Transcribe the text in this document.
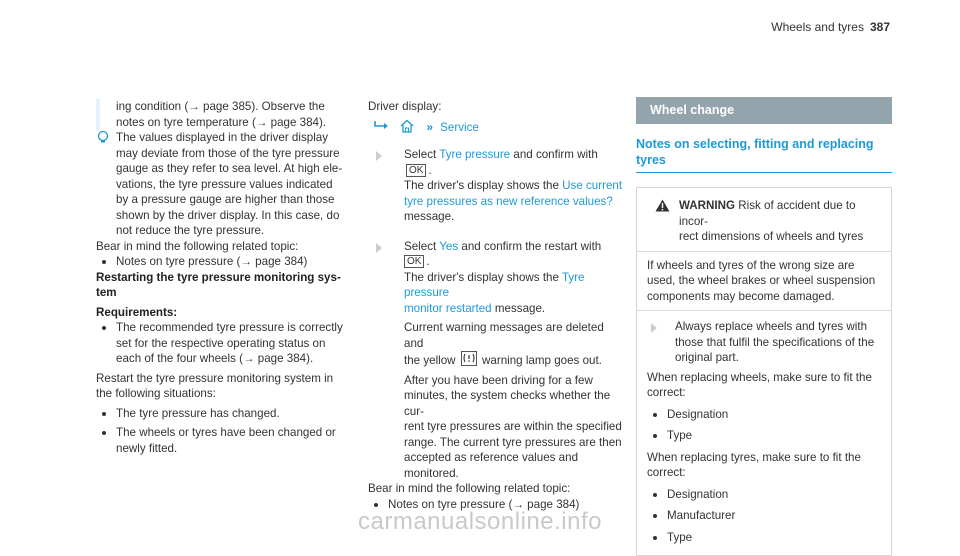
Wheels and tyres 387

ing condition (→ page 385). Observe the

notes on tyre temperature (→ page 384).

The values displayed in the driver display

may deviate from those of the tyre pressure

gauge as they refer to sea level. At high ele-

vations, the tyre pressure values indicated

by a pressure gauge are higher than those

shown by the driver display. In this case, do

not reduce the tyre pressure.

Bear in mind the following related topic:

Notes on tyre pressure (→ page 384)

Restarting the tyre pressure monitoring sys-

tem

Requirements:

The recommended tyre pressure is correctly
set for the respective operating status on
each of the four wheels (→ page 384).

Restart the tyre pressure monitoring system in

the following situations:

The tyre pressure has changed.
The wheels or tyres have been changed or
newly fitted.

Driver display:

» Service

Select Tyre pressure and confirm with OK .

The driver's display shows the Use current

tyre pressures as new reference values?

message.

Select Yes and confirm the restart with

OK .

The driver's display shows the Tyre pressure

monitor restarted message.

Current warning messages are deleted and

the yellow warning lamp goes out.

After you have been driving for a few

minutes, the system checks whether the cur-

rent tyre pressures are within the specified

range. The current tyre pressures are then

accepted as reference values and monitored.

Bear in mind the following related topic:

Notes on tyre pressure (→ page 384)
Wheel change

Notes on selecting, fitting and replacing

tyres

WARNING Risk of accident due to incor-

rect dimensions of wheels and tyres

If wheels and tyres of the wrong size are

used, the wheel brakes or wheel suspension

components may become damaged.

Always replace wheels and tyres with

those that fulfil the specifications of the

original part.

When replacing wheels, make sure to fit the

correct:

Designation
Type

When replacing tyres, make sure to fit the

correct:

Designation
Manufacturer
Type
carmanualsonline.info
